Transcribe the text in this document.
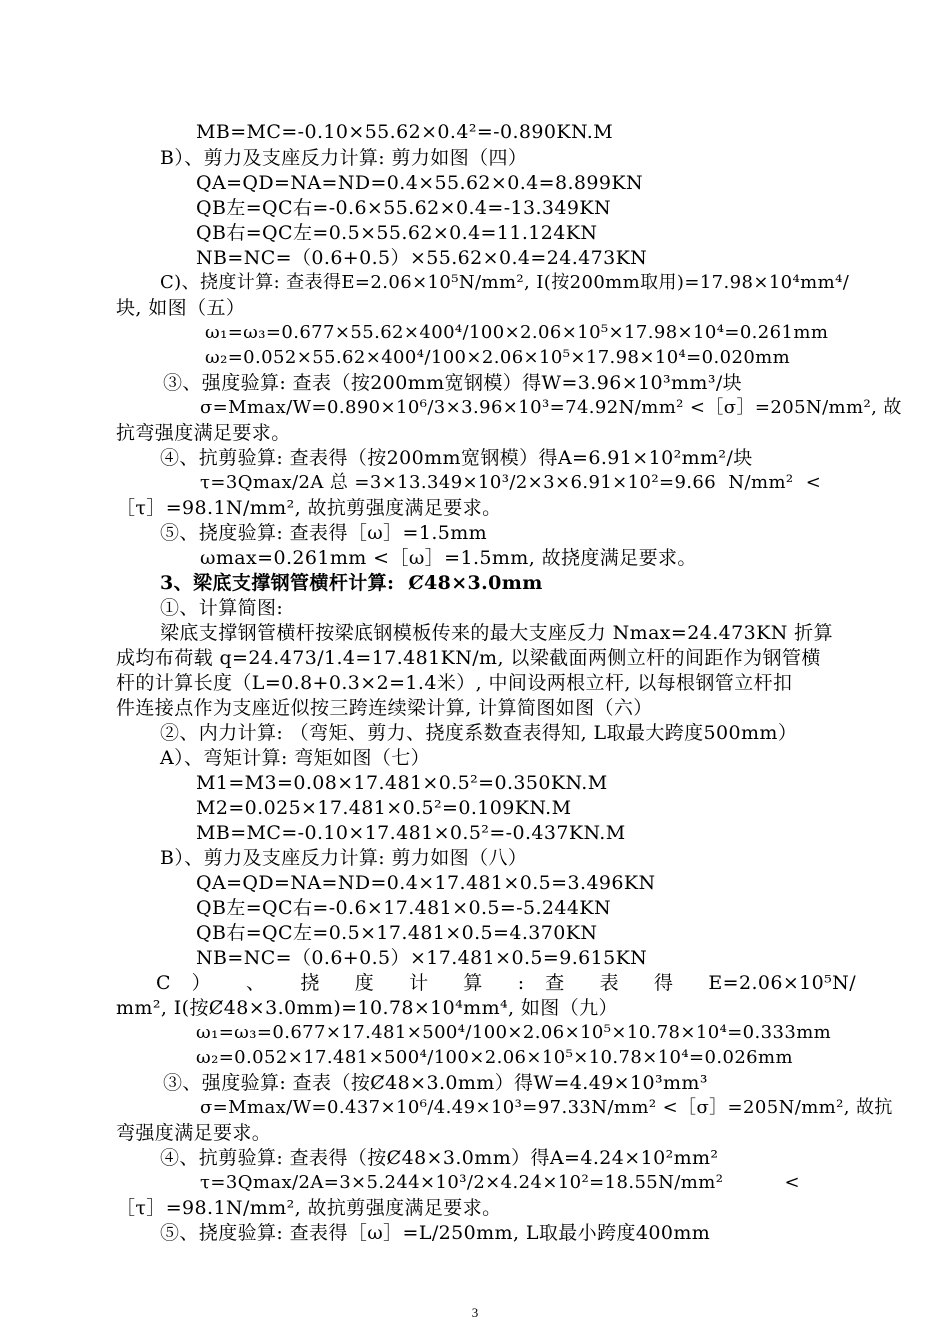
MB=MC=-0.10×55.62×0.4²=-0.890KN.M
B）、剪力及支座反力计算: 剪力如图（四）
QA=QD=NA=ND=0.4×55.62×0.4=8.899KN
QB左=QC右=-0.6×55.62×0.4=-13.349KN
QB右=QC左=0.5×55.62×0.4=11.124KN
NB=NC=（0.6+0.5）×55.62×0.4=24.473KN
C)、挠度计算: 查表得E=2.06×10⁵N/mm², I(按200mm取用)=17.98×10⁴mm⁴/
块, 如图（五）
ω₁=ω₃=0.677×55.62×400⁴/100×2.06×10⁵×17.98×10⁴=0.261mm
ω₂=0.052×55.62×400⁴/100×2.06×10⁵×17.98×10⁴=0.020mm
③、强度验算: 查表（按200mm宽钢模）得W=3.96×10³mm³/块
σ=Mmax/W=0.890×10⁶/3×3.96×10³=74.92N/mm² <［σ］=205N/mm², 故
抗弯强度满足要求。
④、抗剪验算: 查表得（按200mm宽钢模）得A=6.91×10²mm²/块
τ=3Qmax/2A 总 =3×13.349×10³/2×3×6.91×10²=9.66  N/mm²  <
［τ］=98.1N/mm², 故抗剪强度满足要求。
⑤、挠度验算: 查表得［ω］=1.5mm
ωmax=0.261mm <［ω］=1.5mm, 故挠度满足要求。
3、梁底支撑钢管横杆计算:  Ȼ48×3.0mm
①、计算简图:
梁底支撑钢管横杆按梁底钢模板传来的最大支座反力 Nmax=24.473KN 折算
成均布荷载 q=24.473/1.4=17.481KN/m, 以梁截面两侧立杆的间距作为钢管横
杆的计算长度（L=0.8+0.3×2=1.4米）, 中间设两根立杆, 以每根钢管立杆扣
件连接点作为支座近似按三跨连续梁计算, 计算简图如图（六）
②、内力计算: （弯矩、剪力、挠度系数查表得知, L取最大跨度500mm）
A）、弯矩计算: 弯矩如图（七）
M1=M3=0.08×17.481×0.5²=0.350KN.M
M2=0.025×17.481×0.5²=0.109KN.M
MB=MC=-0.10×17.481×0.5²=-0.437KN.M
B）、剪力及支座反力计算: 剪力如图（八）
QA=QD=NA=ND=0.4×17.481×0.5=3.496KN
QB左=QC右=-0.6×17.481×0.5=-5.244KN
QB右=QC左=0.5×17.481×0.5=4.370KN
NB=NC=（0.6+0.5）×17.481×0.5=9.615KN
C ） 、 挠 度 计 算 : 查 表 得 E=2.06×10⁵N/
mm², I(按Ȼ48×3.0mm)=10.78×10⁴mm⁴, 如图（九）
ω₁=ω₃=0.677×17.481×500⁴/100×2.06×10⁵×10.78×10⁴=0.333mm
ω₂=0.052×17.481×500⁴/100×2.06×10⁵×10.78×10⁴=0.026mm
③、强度验算: 查表（按Ȼ48×3.0mm）得W=4.49×10³mm³
σ=Mmax/W=0.437×10⁶/4.49×10³=97.33N/mm² <［σ］=205N/mm², 故抗
弯强度满足要求。
④、抗剪验算: 查表得（按Ȼ48×3.0mm）得A=4.24×10²mm²
τ=3Qmax/2A=3×5.244×10³/2×4.24×10²=18.55N/mm²          <
［τ］=98.1N/mm², 故抗剪强度满足要求。
⑤、挠度验算: 查表得［ω］=L/250mm, L取最小跨度400mm
3
